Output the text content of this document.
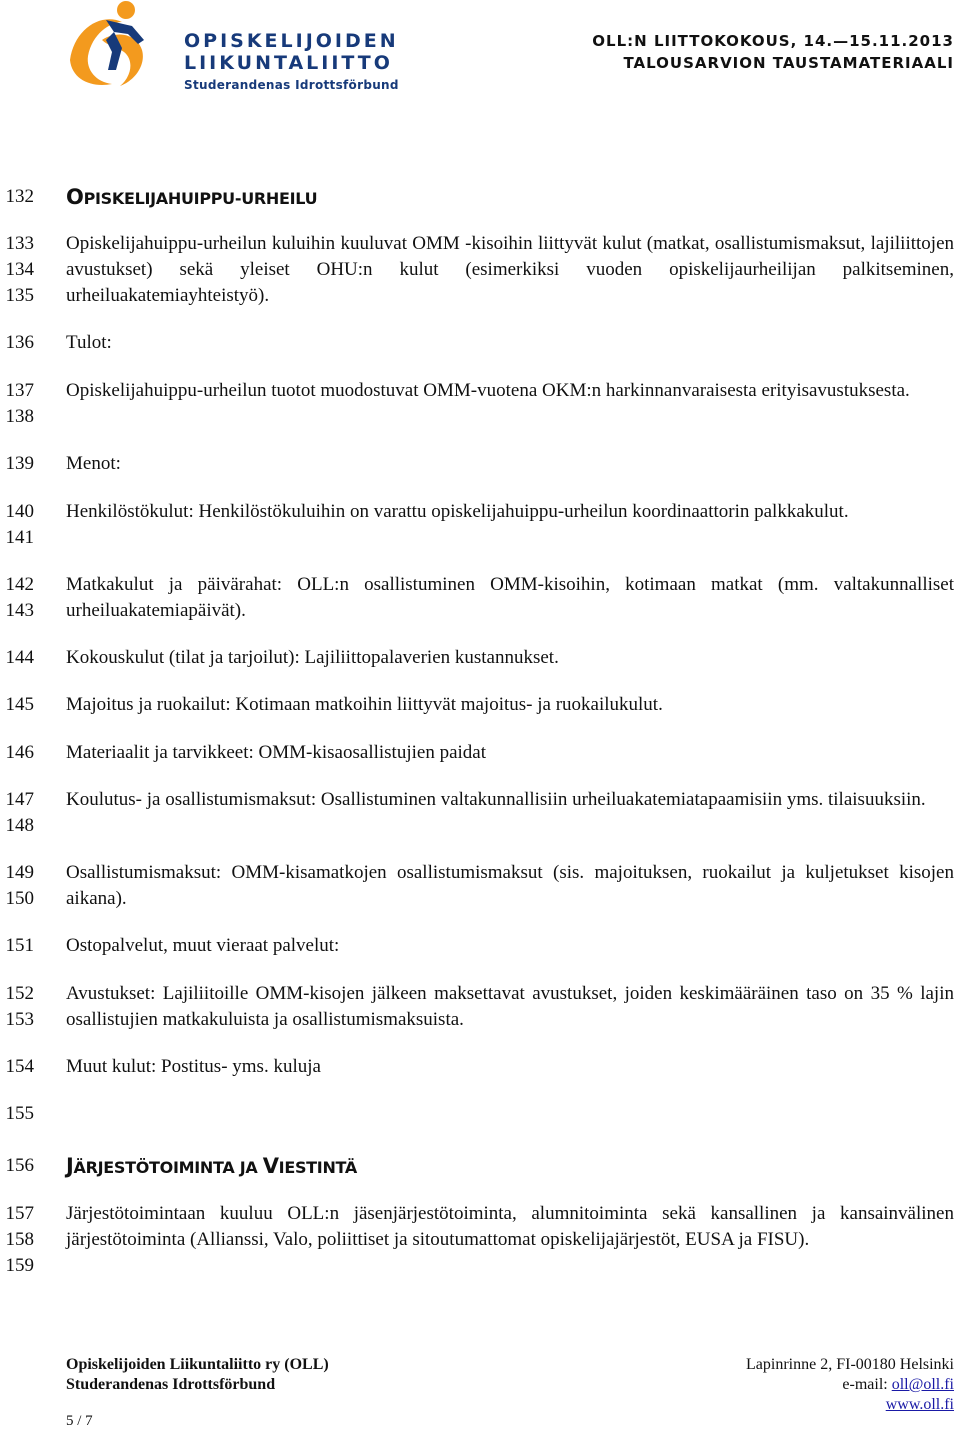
OPISKELIJOIDEN
LIIKUNTALIITTO
Studerandenas Idrottsförbund
OLL:N LIITTOKOKOUS, 14.—15.11.2013
TALOUSARVION TAUSTAMATERIAALI
132
133
134
135
136
137
138
139
140
141
142
143
144
145
146
147
148
149
150
151
152
153
154
155
156
157
158
159
OPISKELIJAHUIPPU-URHEILU
Opiskelijahuippu-urheilun kuluihin kuuluvat OMM -kisoihin liittyvät kulut (matkat, osallistumismaksut, lajiliittojen avustukset) sekä yleiset OHU:n kulut (esimerkiksi vuoden opiskelijaurheilijan palkitseminen, urheiluakatemiayhteistyö).
Tulot:
Opiskelijahuippu-urheilun tuotot muodostuvat OMM-vuotena OKM:n harkinnanvaraisesta erityisavustuksesta.
Menot:
Henkilöstökulut: Henkilöstökuluihin on varattu opiskelijahuippu-urheilun koordinaattorin palkkakulut.
Matkakulut ja päivärahat: OLL:n osallistuminen OMM-kisoihin, kotimaan matkat (mm. valtakunnalliset urheiluakatemiapäivät).
Kokouskulut (tilat ja tarjoilut): Lajiliittopalaverien kustannukset.
Majoitus ja ruokailut: Kotimaan matkoihin liittyvät majoitus- ja ruokailukulut.
Materiaalit ja tarvikkeet: OMM-kisaosallistujien paidat
Koulutus- ja osallistumismaksut: Osallistuminen valtakunnallisiin urheiluakatemiatapaamisiin yms. tilaisuuksiin.
Osallistumismaksut: OMM-kisamatkojen osallistumismaksut (sis. majoituksen, ruokailut ja kuljetukset kisojen aikana).
Ostopalvelut, muut vieraat palvelut:
Avustukset: Lajiliitoille OMM-kisojen jälkeen maksettavat avustukset, joiden keskimääräinen taso on 35 % lajin osallistujien matkakuluista ja osallistumismaksuista.
Muut kulut: Postitus- yms. kuluja
JÄRJESTÖTOIMINTA JA VIESTINTÄ
Järjestötoimintaan kuuluu OLL:n jäsenjärjestötoiminta, alumnitoiminta sekä kansallinen ja kansainvälinen järjestötoiminta (Allianssi, Valo, poliittiset ja sitoutumattomat opiskelijajärjestöt, EUSA ja FISU).
Opiskelijoiden Liikuntaliitto ry (OLL)
Studerandenas Idrottsförbund
Lapinrinne 2, FI-00180 Helsinki
e-mail: oll@oll.fi
www.oll.fi
5 / 7
